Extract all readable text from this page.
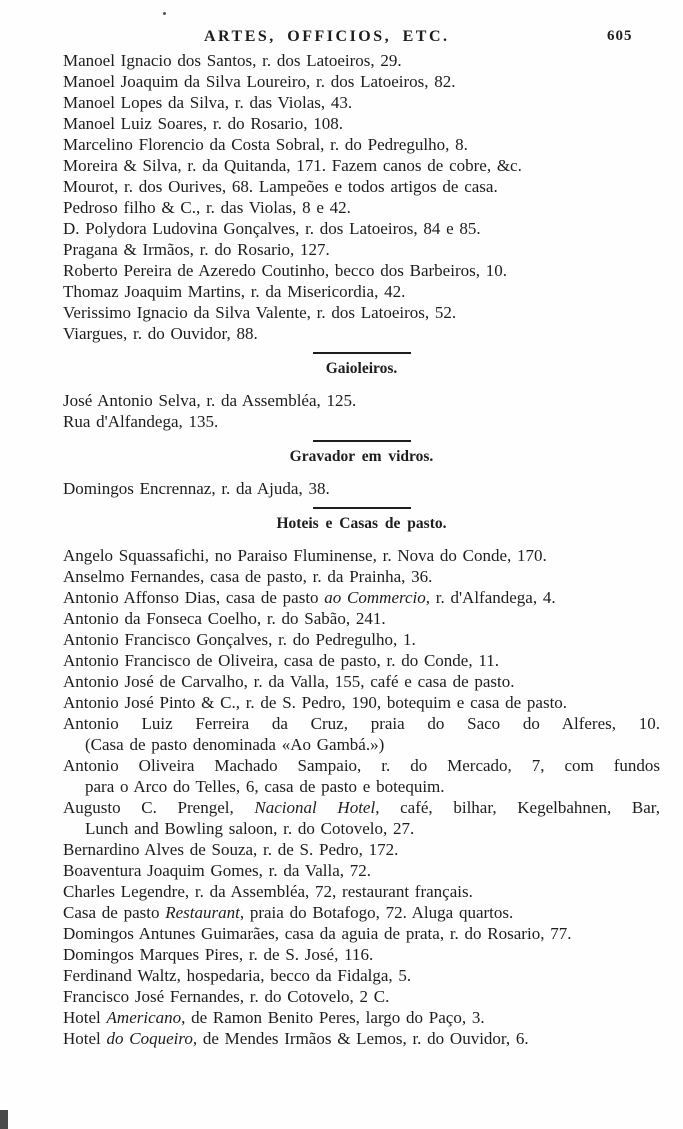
ARTES, OFFICIOS, ETC.	605
Manoel Ignacio dos Santos, r. dos Latoeiros, 29.
Manoel Joaquim da Silva Loureiro, r. dos Latoeiros, 82.
Manoel Lopes da Silva, r. das Violas, 43.
Manoel Luiz Soares, r. do Rosario, 108.
Marcelino Florencio da Costa Sobral, r. do Pedregulho, 8.
Moreira & Silva, r. da Quitanda, 171. Fazem canos de cobre, &c.
Mourot, r. dos Ourives, 68. Lampeões e todos artigos de casa.
Pedroso filho & C., r. das Violas, 8 e 42.
D. Polydora Ludovina Gonçalves, r. dos Latoeiros, 84 e 85.
Pragana & Irmãos, r. do Rosario, 127.
Roberto Pereira de Azeredo Coutinho, becco dos Barbeiros, 10.
Thomaz Joaquim Martins, r. da Misericordia, 42.
Verissimo Ignacio da Silva Valente, r. dos Latoeiros, 52.
Viargues, r. do Ouvidor, 88.
Gaioleiros.
José Antonio Selva, r. da Assembléa, 125.
Rua d'Alfandega, 135.
Gravador em vidros.
Domingos Encrennaz, r. da Ajuda, 38.
Hoteis e Casas de pasto.
Angelo Squassafichi, no Paraiso Fluminense, r. Nova do Conde, 170.
Anselmo Fernandes, casa de pasto, r. da Prainha, 36.
Antonio Affonso Dias, casa de pasto ao Commercio, r. d'Alfandega, 4.
Antonio da Fonseca Coelho, r. do Sabão, 241.
Antonio Francisco Gonçalves, r. do Pedregulho, 1.
Antonio Francisco de Oliveira, casa de pasto, r. do Conde, 11.
Antonio José de Carvalho, r. da Valla, 155, café e casa de pasto.
Antonio José Pinto & C., r. de S. Pedro, 190, botequim e casa de pasto.
Antonio Luiz Ferreira da Cruz, praia do Saco do Alferes, 10.
(Casa de pasto denominada «Ao Gambá.»)
Antonio Oliveira Machado Sampaio, r. do Mercado, 7, com fundos
para o Arco do Telles, 6, casa de pasto e botequim.
Augusto C. Prengel, Nacional Hotel, café, bilhar, Kegelbahnen, Bar,
Lunch and Bowling saloon, r. do Cotovelo, 27.
Bernardino Alves de Souza, r. de S. Pedro, 172.
Boaventura Joaquim Gomes, r. da Valla, 72.
Charles Legendre, r. da Assembléa, 72, restaurant français.
Casa de pasto Restaurant, praia do Botafogo, 72. Aluga quartos.
Domingos Antunes Guimarães, casa da aguia de prata, r. do Rosario, 77.
Domingos Marques Pires, r. de S. José, 116.
Ferdinand Waltz, hospedaria, becco da Fidalga, 5.
Francisco José Fernandes, r. do Cotovelo, 2 C.
Hotel Americano, de Ramon Benito Peres, largo do Paço, 3.
Hotel do Coqueiro, de Mendes Irmãos & Lemos, r. do Ouvidor, 6.
